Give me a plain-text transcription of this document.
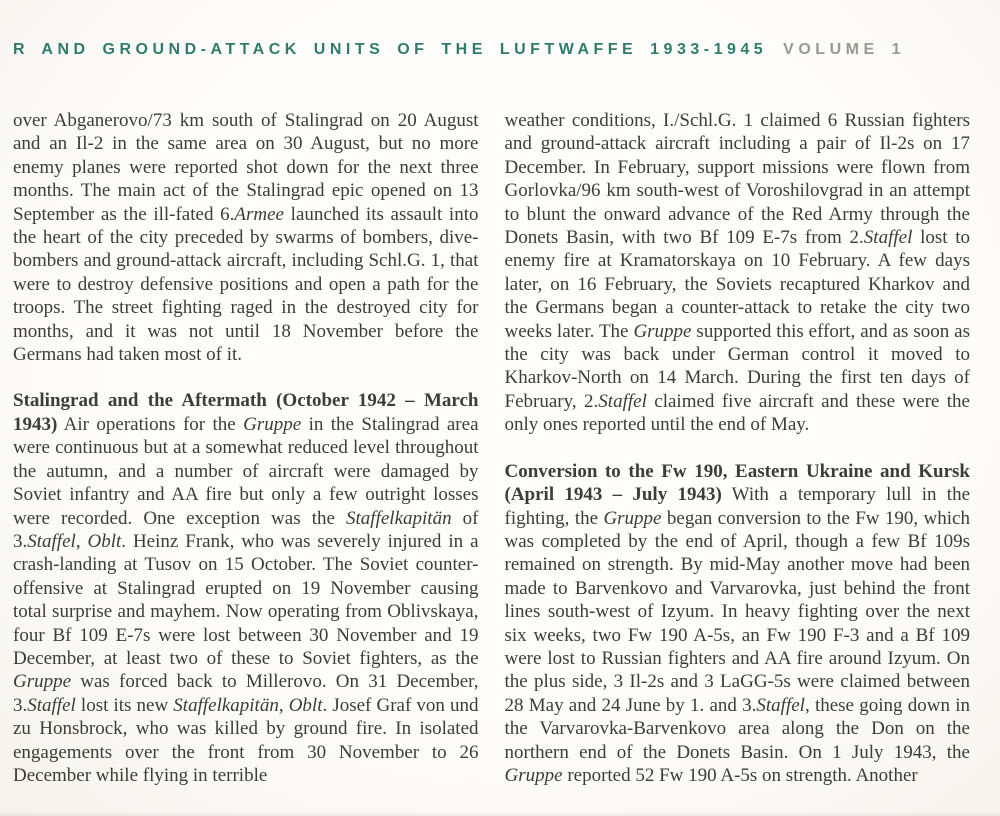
R AND GROUND-ATTACK UNITS OF THE LUFTWAFFE 1933-1945 VOLUME 1

over Abganerovo/73 km south of Stalingrad on 20 August and an Il-2 in the same area on 30 August, but no more enemy planes were reported shot down for the next three months. The main act of the Stalingrad epic opened on 13 September as the ill-fated 6.Armee launched its assault into the heart of the city preceded by swarms of bombers, dive-bombers and ground-attack aircraft, including Schl.G. 1, that were to destroy defensive positions and open a path for the troops. The street fighting raged in the destroyed city for months, and it was not until 18 November before the Germans had taken most of it.

Stalingrad and the Aftermath (October 1942 – March 1943) Air operations for the Gruppe in the Stalingrad area were continuous but at a somewhat reduced level throughout the autumn, and a number of aircraft were damaged by Soviet infantry and AA fire but only a few outright losses were recorded. One exception was the Staffelkapitän of 3.Staffel, Oblt. Heinz Frank, who was severely injured in a crash-landing at Tusov on 15 October. The Soviet counter-offensive at Stalingrad erupted on 19 November causing total surprise and mayhem. Now operating from Oblivskaya, four Bf 109 E-7s were lost between 30 November and 19 December, at least two of these to Soviet fighters, as the Gruppe was forced back to Millerovo. On 31 December, 3.Staffel lost its new Staffelkapitän, Oblt. Josef Graf von und zu Honsbrock, who was killed by ground fire. In isolated engagements over the front from 30 November to 26 December while flying in terrible

weather conditions, I./Schl.G. 1 claimed 6 Russian fighters and ground-attack aircraft including a pair of Il-2s on 17 December. In February, support missions were flown from Gorlovka/96 km south-west of Voroshilovgrad in an attempt to blunt the onward advance of the Red Army through the Donets Basin, with two Bf 109 E-7s from 2.Staffel lost to enemy fire at Kramatorskaya on 10 February. A few days later, on 16 February, the Soviets recaptured Kharkov and the Germans began a counter-attack to retake the city two weeks later. The Gruppe supported this effort, and as soon as the city was back under German control it moved to Kharkov-North on 14 March. During the first ten days of February, 2.Staffel claimed five aircraft and these were the only ones reported until the end of May.

Conversion to the Fw 190, Eastern Ukraine and Kursk (April 1943 – July 1943) With a temporary lull in the fighting, the Gruppe began conversion to the Fw 190, which was completed by the end of April, though a few Bf 109s remained on strength. By mid-May another move had been made to Barvenkovo and Varvarovka, just behind the front lines south-west of Izyum. In heavy fighting over the next six weeks, two Fw 190 A-5s, an Fw 190 F-3 and a Bf 109 were lost to Russian fighters and AA fire around Izyum. On the plus side, 3 Il-2s and 3 LaGG-5s were claimed between 28 May and 24 June by 1. and 3.Staffel, these going down in the Varvarovka-Barvenkovo area along the Don on the northern end of the Donets Basin. On 1 July 1943, the Gruppe reported 52 Fw 190 A-5s on strength. Another
